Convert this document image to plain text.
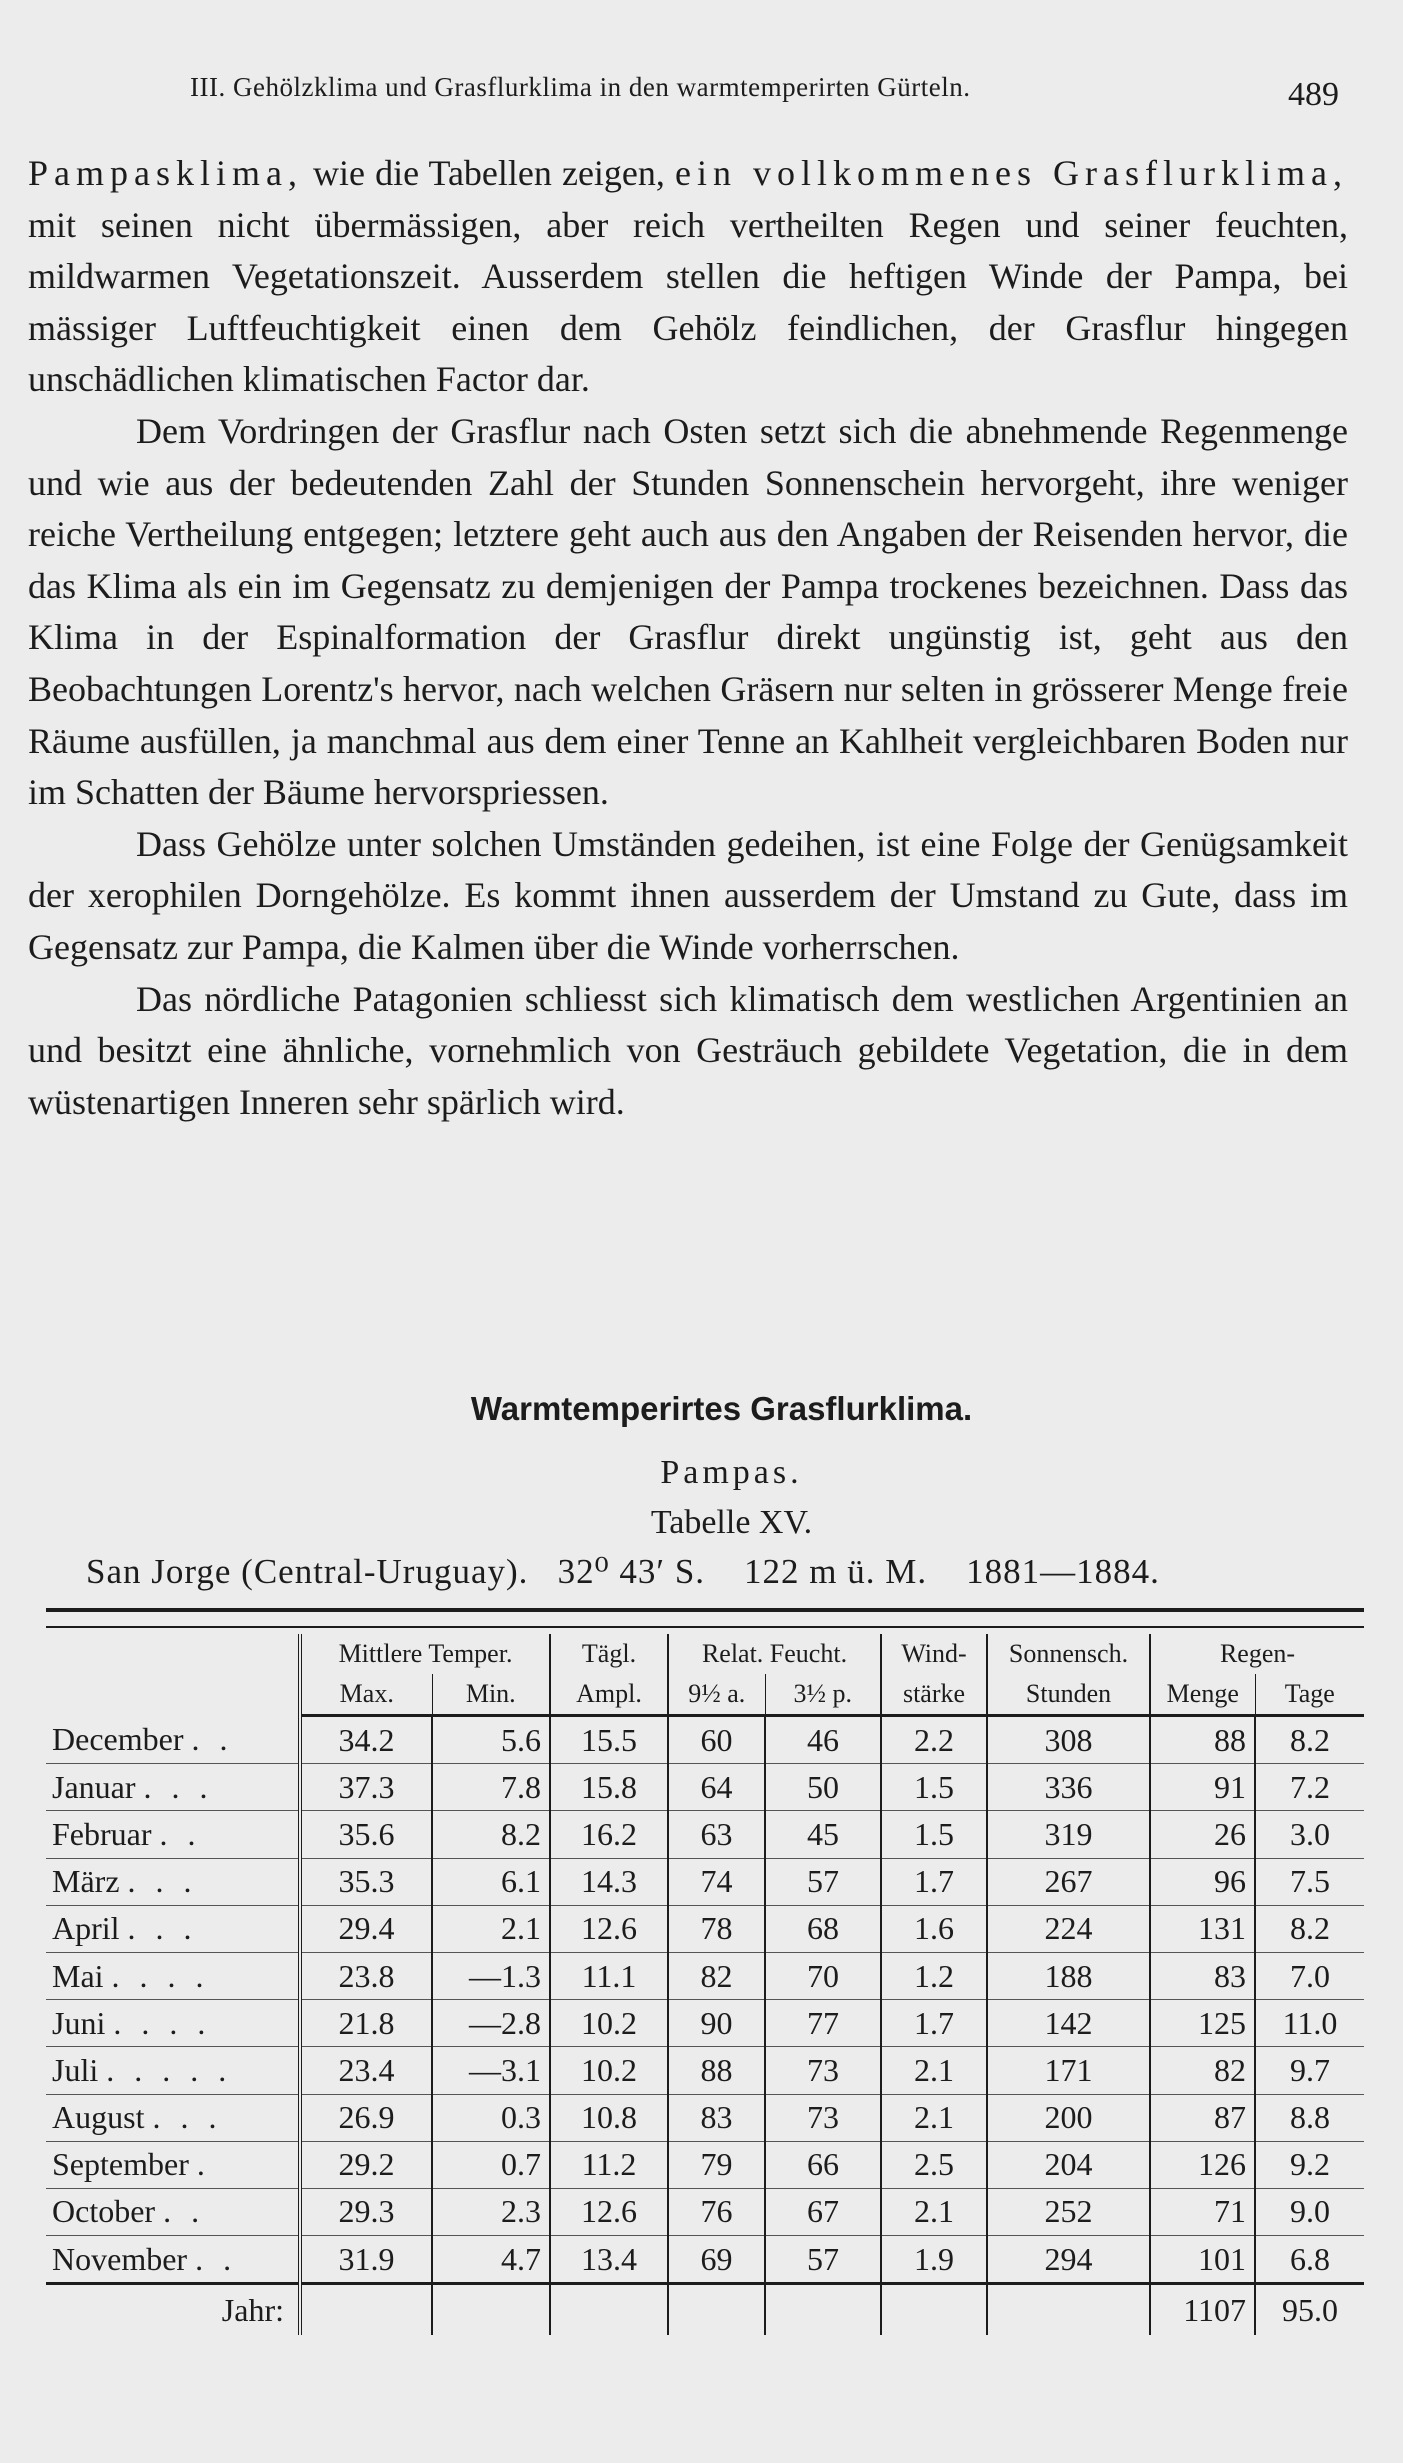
III. Gehölzklima und Grasflurklima in den warmtemperirten Gürteln.	489

Pampasklima, wie die Tabellen zeigen, ein vollkommenes Grasflurklima, mit seinen nicht übermässigen, aber reich vertheilten Regen und seiner feuchten, mildwarmen Vegetationszeit. Ausserdem stellen die heftigen Winde der Pampa, bei mässiger Luftfeuchtigkeit einen dem Gehölz feindlichen, der Grasflur hingegen unschädlichen klimatischen Factor dar.

Dem Vordringen der Grasflur nach Osten setzt sich die abnehmende Regenmenge und wie aus der bedeutenden Zahl der Stunden Sonnenschein hervorgeht, ihre weniger reiche Vertheilung entgegen; letztere geht auch aus den Angaben der Reisenden hervor, die das Klima als ein im Gegensatz zu demjenigen der Pampa trockenes bezeichnen. Dass das Klima in der Espinalformation der Grasflur direkt ungünstig ist, geht aus den Beobachtungen Lorentz's hervor, nach welchen Gräsern nur selten in grösserer Menge freie Räume ausfüllen, ja manchmal aus dem einer Tenne an Kahlheit vergleichbaren Boden nur im Schatten der Bäume hervorspriessen.

Dass Gehölze unter solchen Umständen gedeihen, ist eine Folge der Genügsamkeit der xerophilen Dorngehölze. Es kommt ihnen ausserdem der Umstand zu Gute, dass im Gegensatz zur Pampa, die Kalmen über die Winde vorherrschen.

Das nördliche Patagonien schliesst sich klimatisch dem westlichen Argentinien an und besitzt eine ähnliche, vornehmlich von Gesträuch gebildete Vegetation, die in dem wüstenartigen Inneren sehr spärlich wird.

Warmtemperirtes Grasflurklima.
Pampas.
Tabelle XV.
San Jorge (Central-Uruguay). 32⁰ 43′ S. 122 m ü. M. 1881—1884.
	Mittlere Temper.		Tägl.	Relat. Feucht.		Wind-	Sonnensch.	Regen-	
	Max.	Min.	Ampl.	9½ a.	3½ p.	stärke	Stunden	Menge	Tage
December . .	34.2	5.6	15.5	60	46	2.2	308	88	8.2
Januar . . .	37.3	7.8	15.8	64	50	1.5	336	91	7.2
Februar . .	35.6	8.2	16.2	63	45	1.5	319	26	3.0
März . . .	35.3	6.1	14.3	74	57	1.7	267	96	7.5
April . . .	29.4	2.1	12.6	78	68	1.6	224	131	8.2
Mai . . . .	23.8	—1.3	11.1	82	70	1.2	188	83	7.0
Juni . . . .	21.8	—2.8	10.2	90	77	1.7	142	125	11.0
Juli . . . . .	23.4	—3.1	10.2	88	73	2.1	171	82	9.7
August . . .	26.9	0.3	10.8	83	73	2.1	200	87	8.8
September .	29.2	0.7	11.2	79	66	2.5	204	126	9.2
October . .	29.3	2.3	12.6	76	67	2.1	252	71	9.0
November . .	31.9	4.7	13.4	69	57	1.9	294	101	6.8
Jahr:								1107	95.0
